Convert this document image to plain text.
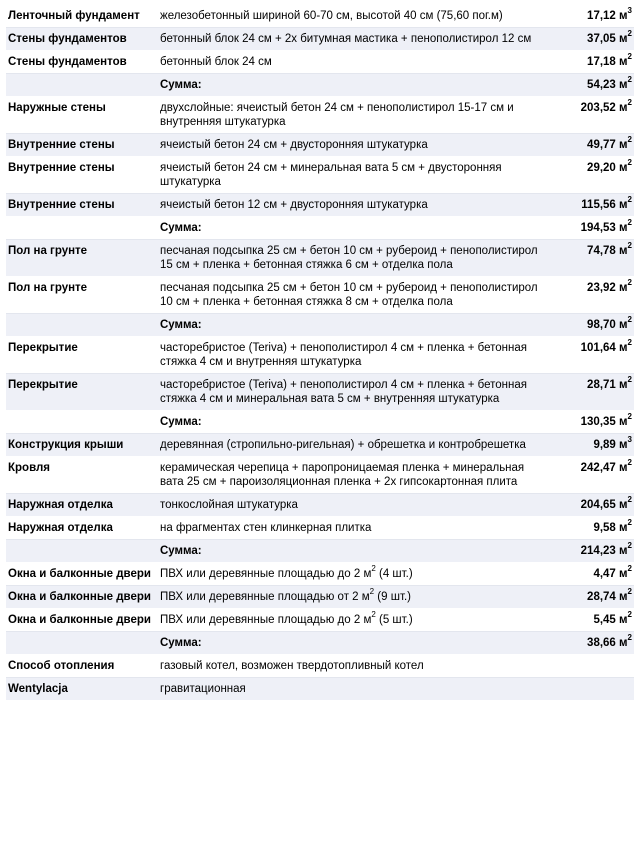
Ленточный фундамент	железобетонный шириной 60-70 см, высотой 40 см (75,60 пог.м)	17,12 $м^3$
Стены фундаментов	бетонный блок 24 см + 2х битумная мастика + пенополистирол 12 см	37,05 $м^2$
Стены фундаментов	бетонный блок 24 см	17,18 $м^2$
	Сумма:	54,23 $м^2$
Наружные стены	двухслойные: ячеистый бетон 24 см + пенополистирол 15-17 см и внутренняя штукатурка	203,52 $м^2$
Внутренние стены	ячеистый бетон 24 см + двусторонняя штукатурка	49,77 $м^2$
Внутренние стены	ячеистый бетон 24 см + минеральная вата 5 см + двусторонняя штукатурка	29,20 $м^2$
Внутренние стены	ячеистый бетон 12 см + двусторонняя штукатурка	115,56 $м^2$
	Сумма:	194,53 $м^2$
Пол на грунте	песчаная подсыпка 25 см + бетон 10 см + рубероид + пенополистирол 15 см + пленка + бетонная стяжка 6 см + отделка пола	74,78 $м^2$
Пол на грунте	песчаная подсыпка 25 см + бетон 10 см + рубероид + пенополистирол 10 см + пленка + бетонная стяжка 8 см + отделка пола	23,92 $м^2$
	Сумма:	98,70 $м^2$
Перекрытие	часторебристое (Teriva) + пенополистирол 4 см + пленка + бетонная стяжка 4 см и внутренняя штукатурка	101,64 $м^2$
Перекрытие	часторебристое (Teriva) + пенополистирол 4 см + пленка + бетонная стяжка 4 см и минеральная вата 5 см + внутренняя штукатурка	28,71 $м^2$
	Сумма:	130,35 $м^2$
Конструкция крыши	деревянная (стропильно-ригельная) + обрешетка и контробрешетка	9,89 $м^3$
Кровля	керамическая черепица + паропроницаемая пленка + минеральная вата 25 см + пароизоляционная пленка + 2х гипсокартонная плита	242,47 $м^2$
Наружная отделка	тонкослойная штукатурка	204,65 $м^2$
Наружная отделка	на фрагментах стен клинкерная плитка	9,58 $м^2$
	Сумма:	214,23 $м^2$
Окна и балконные двери	ПВХ или деревянные площадью до 2 $м^2$ (4 шт.)	4,47 $м^2$
Окна и балконные двери	ПВХ или деревянные площадью от 2 $м^2$ (9 шт.)	28,74 $м^2$
Окна и балконные двери	ПВХ или деревянные площадью до 2 $м^2$ (5 шт.)	5,45 $м^2$
	Сумма:	38,66 $м^2$
Способ отопления	газовый котел, возможен твердотопливный котел	
Wentylacja	гравитационная	
